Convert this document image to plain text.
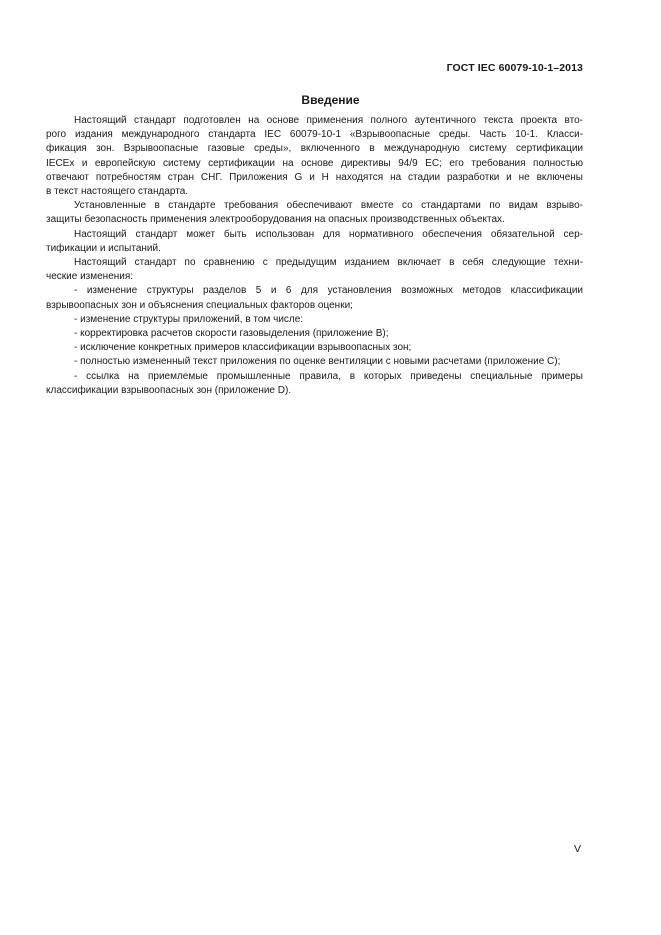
ГОСТ IEC 60079-10-1–2013
Введение

Настоящий стандарт подготовлен на основе применения полного аутентичного текста проекта вто-

рого издания международного стандарта IEC 60079-10-1 «Взрывоопасные среды. Часть 10-1. Класси-

фикация зон. Взрывоопасные газовые среды», включенного в международную систему сертификации

IECEx и европейскую систему сертификации на основе директивы 94/9 ЕС; его требования полностью

отвечают потребностям стран СНГ. Приложения G и H находятся на стадии разработки и не включены

в текст настоящего стандарта.

Установленные в стандарте требования обеспечивают вместе со стандартами по видам взрыво-

защиты безопасность применения электрооборудования на опасных производственных объектах.

Настоящий стандарт может быть использован для нормативного обеспечения обязательной сер-

тификации и испытаний.

Настоящий стандарт по сравнению с предыдущим изданием включает в себя следующие техни-

ческие изменения:

- изменение структуры разделов 5 и 6 для установления возможных методов классификации

взрывоопасных зон и объяснения специальных факторов оценки;

- изменение структуры приложений, в том числе:

- корректировка расчетов скорости газовыделения (приложение B);

- исключение конкретных примеров классификации взрывоопасных зон;

- полностью измененный текст приложения по оценке вентиляции с новыми расчетами (приложение C);

- ссылка на приемлемые промышленные правила, в которых приведены специальные примеры

классификации взрывоопасных зон (приложение D).

V
